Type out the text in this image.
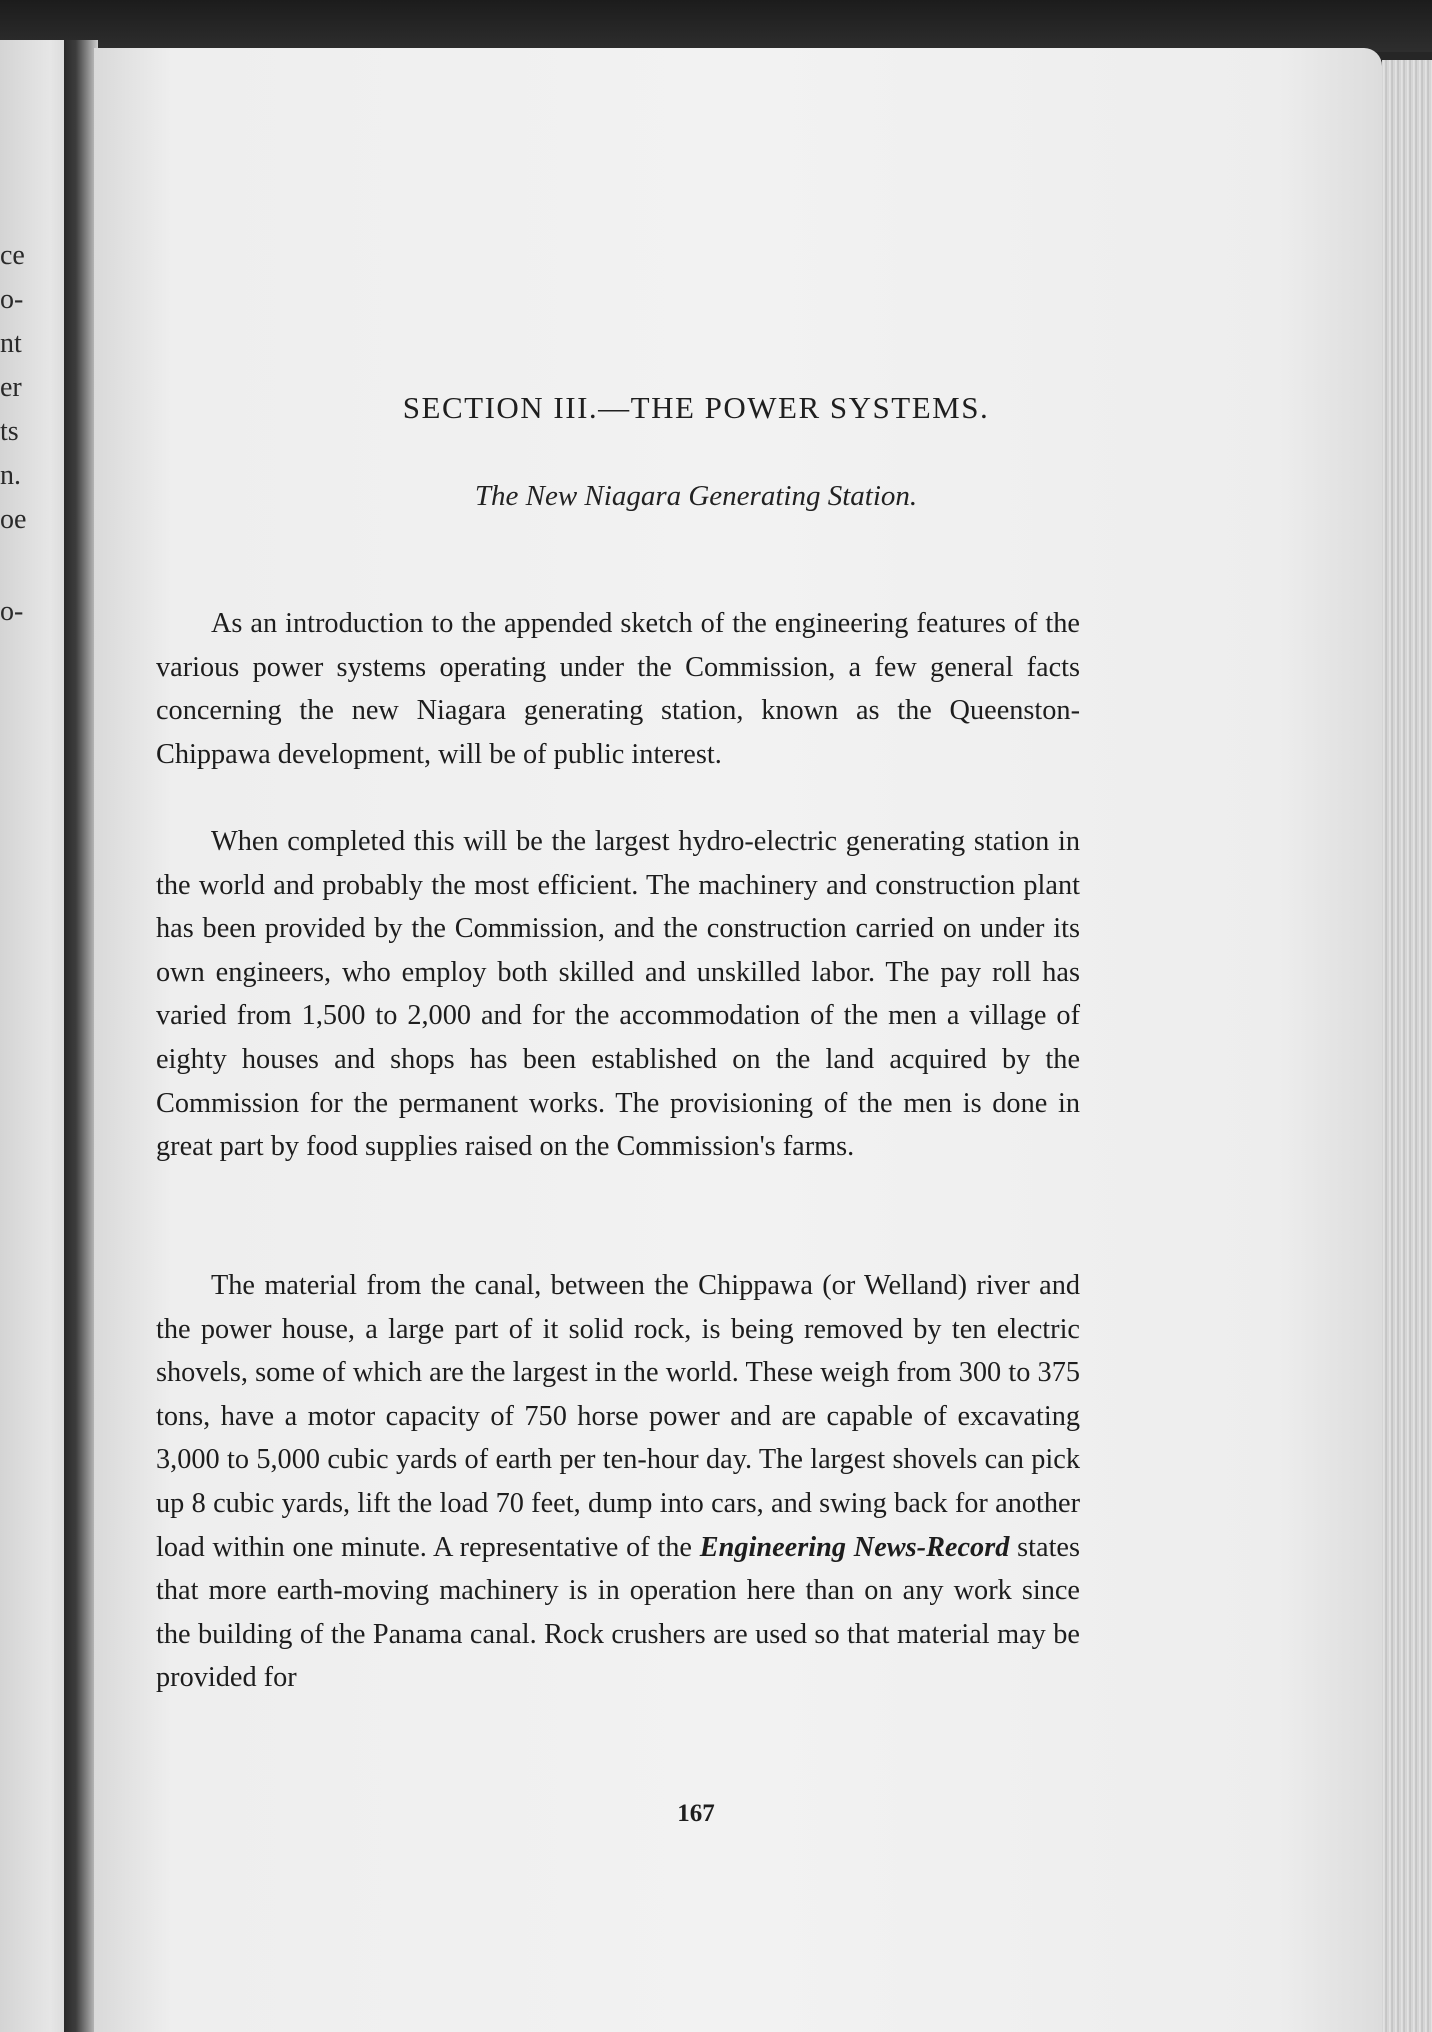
ce
o-
nt
er
ts
n.
oe
o-
SECTION III.—THE POWER SYSTEMS.
The New Niagara Generating Station.

As an introduction to the appended sketch of the engineering features of the various power systems operating under the Commission, a few general facts concerning the new Niagara generating station, known as the Queenston-Chippawa development, will be of public interest.

When completed this will be the largest hydro-electric generating station in the world and probably the most efficient. The machinery and construction plant has been provided by the Commission, and the construction carried on under its own engineers, who employ both skilled and unskilled labor. The pay roll has varied from 1,500 to 2,000 and for the accommodation of the men a village of eighty houses and shops has been established on the land acquired by the Commission for the permanent works. The provisioning of the men is done in great part by food supplies raised on the Commission's farms.

The material from the canal, between the Chippawa (or Welland) river and the power house, a large part of it solid rock, is being removed by ten electric shovels, some of which are the largest in the world. These weigh from 300 to 375 tons, have a motor capacity of 750 horse power and are capable of excavating 3,000 to 5,000 cubic yards of earth per ten-hour day. The largest shovels can pick up 8 cubic yards, lift the load 70 feet, dump into cars, and swing back for another load within one minute. A representative of the Engineering News-Record states that more earth-moving machinery is in operation here than on any work since the building of the Panama canal. Rock crushers are used so that material may be provided for

167
